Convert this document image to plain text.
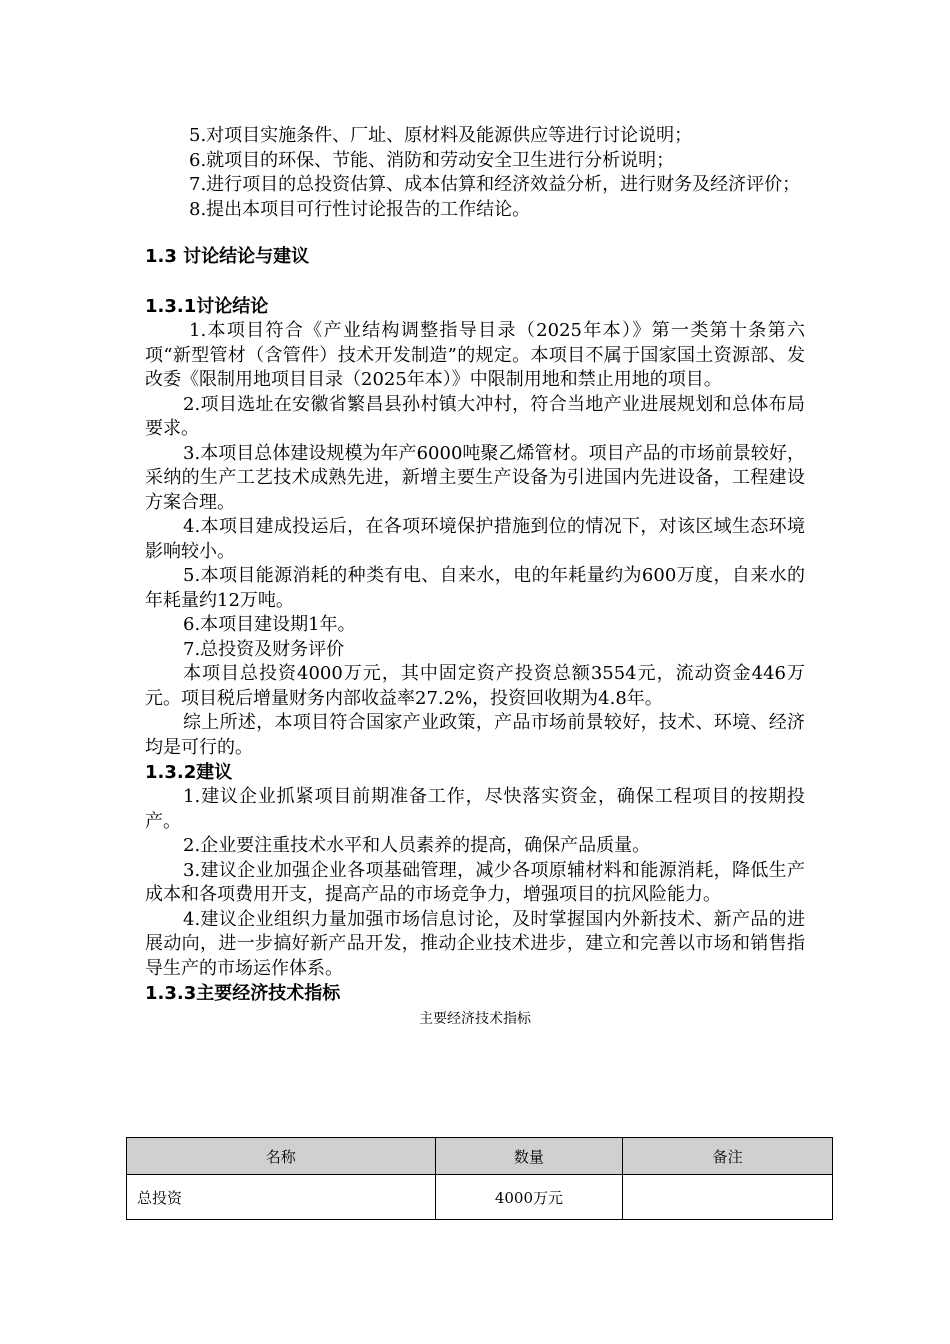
5.对项目实施条件、厂址、原材料及能源供应等进行讨论说明；

6.就项目的环保、节能、消防和劳动安全卫生进行分析说明；

7.进行项目的总投资估算、成本估算和经济效益分析，进行财务及经济评价；

8.提出本项目可行性讨论报告的工作结论。

1.3 讨论结论与建议
1.3.1讨论结论

1.本项目符合《产业结构调整指导目录（2025年本）》第一类第十条第六项“新型管材（含管件）技术开发制造”的规定。本项目不属于国家国土资源部、发改委《限制用地项目目录（2025年本）》中限制用地和禁止用地的项目。

2.项目选址在安徽省繁昌县孙村镇大冲村，符合当地产业进展规划和总体布局要求。

3.本项目总体建设规模为年产6000吨聚乙烯管材。项目产品的市场前景较好，采纳的生产工艺技术成熟先进，新增主要生产设备为引进国内先进设备，工程建设方案合理。

4.本项目建成投运后，在各项环境保护措施到位的情况下，对该区域生态环境影响较小。

5.本项目能源消耗的种类有电、自来水，电的年耗量约为600万度，自来水的年耗量约12万吨。

6.本项目建设期1年。

7.总投资及财务评价

本项目总投资4000万元，其中固定资产投资总额3554元，流动资金446万元。项目税后增量财务内部收益率27.2%，投资回收期为4.8年。

综上所述，本项目符合国家产业政策，产品市场前景较好，技术、环境、经济均是可行的。

1.3.2建议

1.建议企业抓紧项目前期准备工作，尽快落实资金，确保工程项目的按期投产。

2.企业要注重技术水平和人员素养的提高，确保产品质量。

3.建议企业加强企业各项基础管理，减少各项原辅材料和能源消耗，降低生产成本和各项费用开支，提高产品的市场竞争力，增强项目的抗风险能力。

4.建议企业组织力量加强市场信息讨论，及时掌握国内外新技术、新产品的进展动向，进一步搞好新产品开发，推动企业技术进步，建立和完善以市场和销售指导生产的市场运作体系。

1.3.3主要经济技术指标
主要经济技术指标
名称	数量	备注
总投资	4000万元	
